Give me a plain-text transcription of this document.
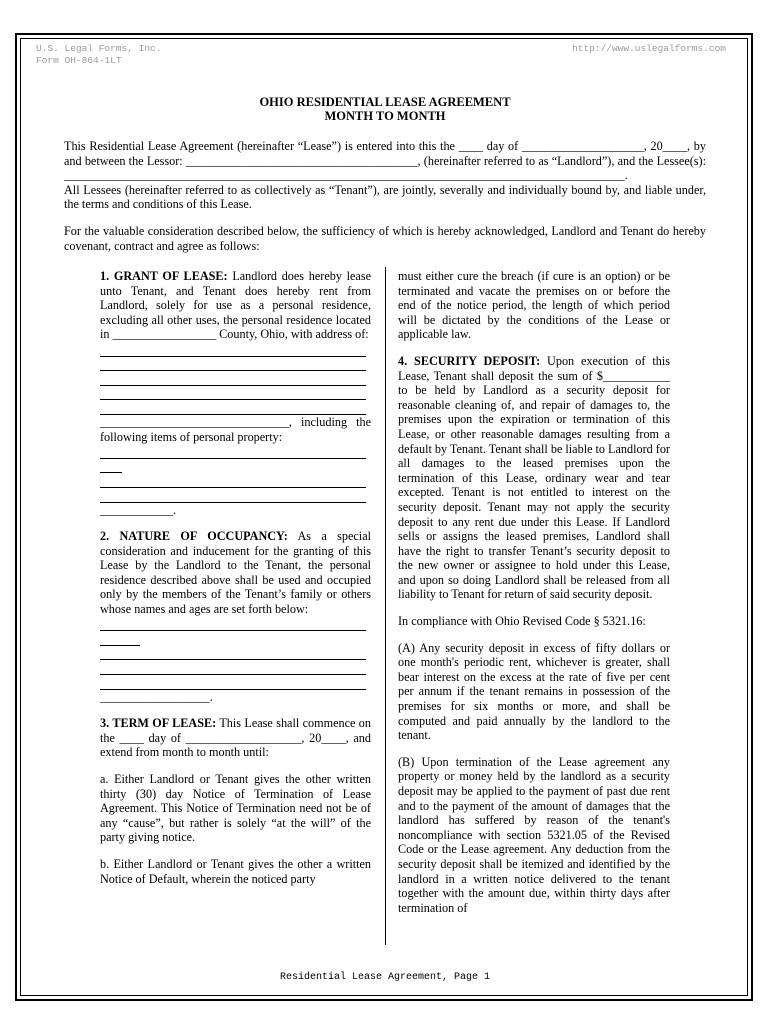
U.S. Legal Forms, Inc.
Form OH-864-1LT
http://www.uslegalforms.com
OHIO RESIDENTIAL LEASE AGREEMENT
MONTH TO MONTH

This Residential Lease Agreement (hereinafter “Lease”) is entered into this the ____ day of ____________________, 20____, by and between the Lessor: ______________________________________, (hereinafter referred to as “Landlord”), and the Lessee(s): ____________________________________________________________________________________________.

All Lessees (hereinafter referred to as collectively as “Tenant”), are jointly, severally and individually bound by, and liable under, the terms and conditions of this Lease.

For the valuable consideration described below, the sufficiency of which is hereby acknowledged, Landlord and Tenant do hereby covenant, contract and agree as follows:

1. GRANT OF LEASE: Landlord does hereby lease unto Tenant, and Tenant does hereby rent from Landlord, solely for use as a personal residence, excluding all other uses, the personal residence located in _________________ County, Ohio, with address of:

_______________________________, including the following items of personal property:

____________.

2. NATURE OF OCCUPANCY: As a special consideration and inducement for the granting of this Lease by the Landlord to the Tenant, the personal residence described above shall be used and occupied only by the members of the Tenant’s family or others whose names and ages are set forth below:

__________________.

3. TERM OF LEASE: This Lease shall commence on the ____ day of ___________________, 20____, and extend from month to month until:

a. Either Landlord or Tenant gives the other written thirty (30) day Notice of Termination of Lease Agreement. This Notice of Termination need not be of any “cause”, but rather is solely “at the will” of the party giving notice.

b. Either Landlord or Tenant gives the other a written Notice of Default, wherein the noticed party

must either cure the breach (if cure is an option) or be terminated and vacate the premises on or before the end of the notice period, the length of which period will be dictated by the conditions of the Lease or applicable law.

4. SECURITY DEPOSIT: Upon execution of this Lease, Tenant shall deposit the sum of $___________ to be held by Landlord as a security deposit for reasonable cleaning of, and repair of damages to, the premises upon the expiration or termination of this Lease, or other reasonable damages resulting from a default by Tenant. Tenant shall be liable to Landlord for all damages to the leased premises upon the termination of this Lease, ordinary wear and tear excepted. Tenant is not entitled to interest on the security deposit. Tenant may not apply the security deposit to any rent due under this Lease. If Landlord sells or assigns the leased premises, Landlord shall have the right to transfer Tenant’s security deposit to the new owner or assignee to hold under this Lease, and upon so doing Landlord shall be released from all liability to Tenant for return of said security deposit.

In compliance with Ohio Revised Code § 5321.16:

(A) Any security deposit in excess of fifty dollars or one month's periodic rent, whichever is greater, shall bear interest on the excess at the rate of five per cent per annum if the tenant remains in possession of the premises for six months or more, and shall be computed and paid annually by the landlord to the tenant.

(B) Upon termination of the Lease agreement any property or money held by the landlord as a security deposit may be applied to the payment of past due rent and to the payment of the amount of damages that the landlord has suffered by reason of the tenant's noncompliance with section 5321.05 of the Revised Code or the Lease agreement. Any deduction from the security deposit shall be itemized and identified by the landlord in a written notice delivered to the tenant together with the amount due, within thirty days after termination of

Residential Lease Agreement, Page 1
